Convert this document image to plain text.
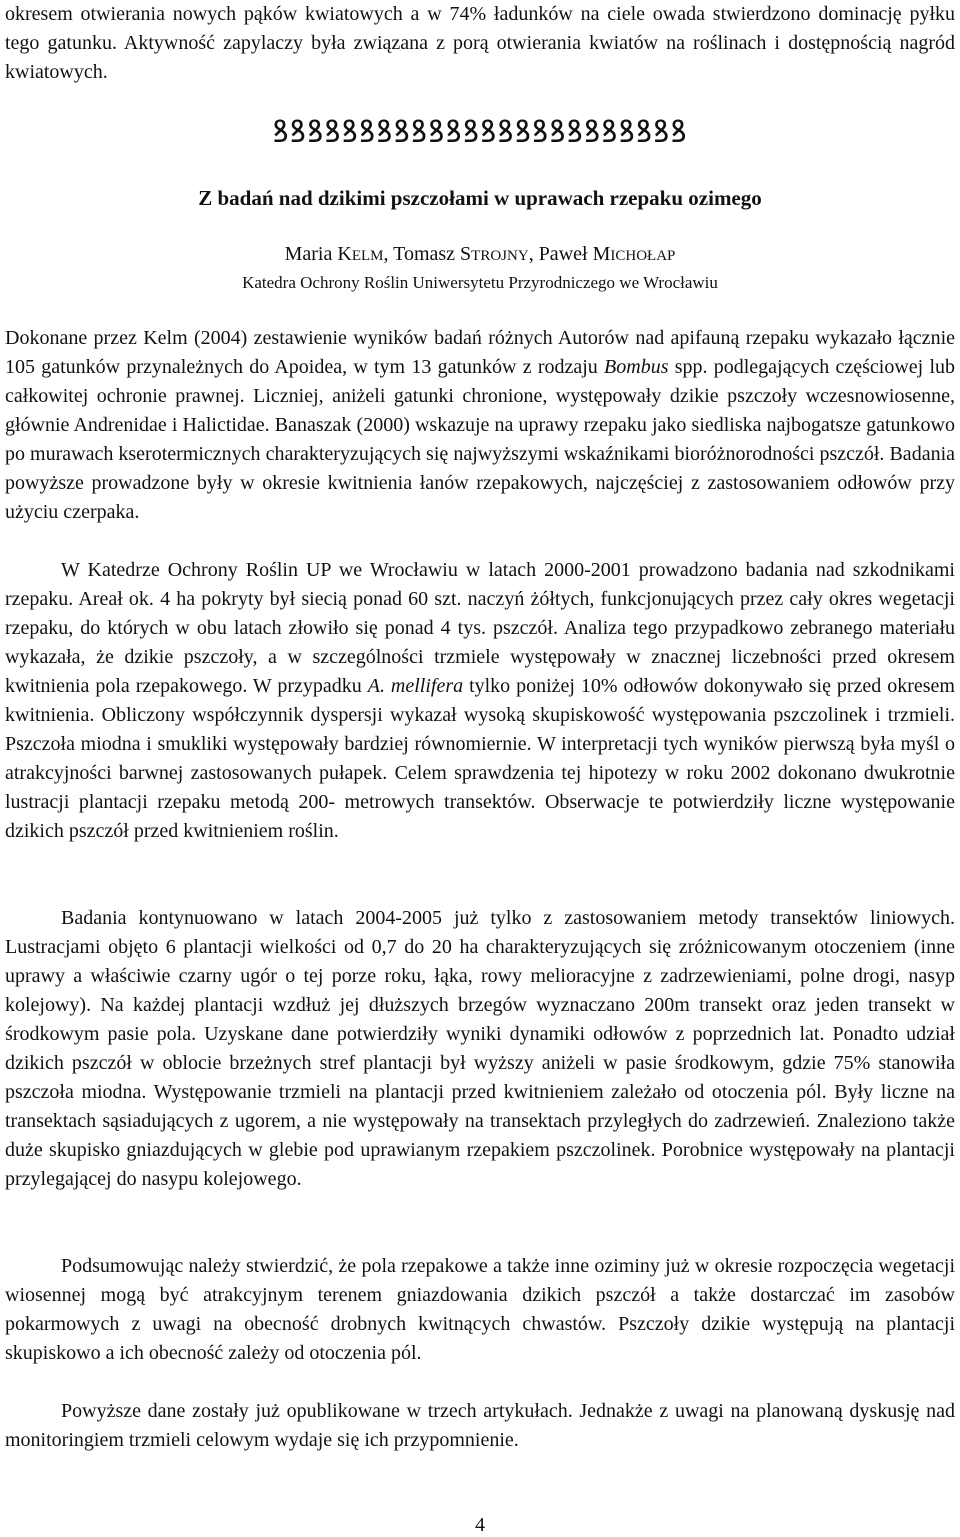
okresem otwierania nowych pąków kwiatowych a w 74% ładunków na ciele owada stwierdzono dominację pyłku tego gatunku. Aktywność zapylaczy była związana z porą otwierania kwiatów na roślinach i dostępnością nagród kwiatowych.

ꝸꝸꝸꝸꝸꝸꝸꝸꝸꝸꝸꝸꝸꝸꝸꝸꝸꝸꝸꝸꝸꝸꝸꝸ
Z badań nad dzikimi pszczołami w uprawach rzepaku ozimego
Maria KELM, Tomasz STROJNY, Paweł MICHOŁAP
Katedra Ochrony Roślin Uniwersytetu Przyrodniczego we Wrocławiu

Dokonane przez Kelm (2004) zestawienie wyników badań różnych Autorów nad apifauną rzepaku wykazało łącznie 105 gatunków przynależnych do Apoidea, w tym 13 gatunków z rodzaju Bombus spp. podlegających częściowej lub całkowitej ochronie prawnej. Liczniej, aniżeli gatunki chronione, występowały dzikie pszczoły wczesnowiosenne, głównie Andrenidae i Halictidae. Banaszak (2000) wskazuje na uprawy rzepaku jako siedliska najbogatsze gatunkowo po murawach kserotermicznych charakteryzujących się najwyższymi wskaźnikami bioróżnorodności pszczół. Badania powyższe prowadzone były w okresie kwitnienia łanów rzepakowych, najczęściej z zastosowaniem odłowów przy użyciu czerpaka.

W Katedrze Ochrony Roślin UP we Wrocławiu w latach 2000-2001 prowadzono badania nad szkodnikami rzepaku. Areał ok. 4 ha pokryty był siecią ponad 60 szt. naczyń żółtych, funkcjonujących przez cały okres wegetacji rzepaku, do których w obu latach złowiło się ponad 4 tys. pszczół. Analiza tego przypadkowo zebranego materiału wykazała, że dzikie pszczoły, a w szczególności trzmiele występowały w znacznej liczebności przed okresem kwitnienia pola rzepakowego. W przypadku A. mellifera tylko poniżej 10% odłowów dokonywało się przed okresem kwitnienia. Obliczony współczynnik dyspersji wykazał wysoką skupiskowość występowania pszczolinek i trzmieli. Pszczoła miodna i smukliki występowały bardziej równomiernie. W interpretacji tych wyników pierwszą była myśl o atrakcyjności barwnej zastosowanych pułapek. Celem sprawdzenia tej hipotezy w roku 2002 dokonano dwukrotnie lustracji plantacji rzepaku metodą 200- metrowych transektów. Obserwacje te potwierdziły liczne występowanie dzikich pszczół przed kwitnieniem roślin.

Badania kontynuowano w latach 2004-2005 już tylko z zastosowaniem metody transektów liniowych. Lustracjami objęto 6 plantacji wielkości od 0,7 do 20 ha charakteryzujących się zróżnicowanym otoczeniem (inne uprawy a właściwie czarny ugór o tej porze roku, łąka, rowy melioracyjne z zadrzewieniami, polne drogi, nasyp kolejowy). Na każdej plantacji wzdłuż jej dłuższych brzegów wyznaczano 200m transekt oraz jeden transekt w środkowym pasie pola. Uzyskane dane potwierdziły wyniki dynamiki odłowów z poprzednich lat. Ponadto udział dzikich pszczół w oblocie brzeżnych stref plantacji był wyższy aniżeli w pasie środkowym, gdzie 75% stanowiła pszczoła miodna. Występowanie trzmieli na plantacji przed kwitnieniem zależało od otoczenia pól. Były liczne na transektach sąsiadujących z ugorem, a nie występowały na transektach przyległych do zadrzewień. Znaleziono także duże skupisko gniazdujących w glebie pod uprawianym rzepakiem pszczolinek. Porobnice występowały na plantacji przylegającej do nasypu kolejowego.

Podsumowując należy stwierdzić, że pola rzepakowe a także inne oziminy już w okresie rozpoczęcia wegetacji wiosennej mogą być atrakcyjnym terenem gniazdowania dzikich pszczół a także dostarczać im zasobów pokarmowych z uwagi na obecność drobnych kwitnących chwastów. Pszczoły dzikie występują na plantacji skupiskowo a ich obecność zależy od otoczenia pól.

Powyższe dane zostały już opublikowane w trzech artykułach. Jednakże z uwagi na planowaną dyskusję nad monitoringiem trzmieli celowym wydaje się ich przypomnienie.

4
